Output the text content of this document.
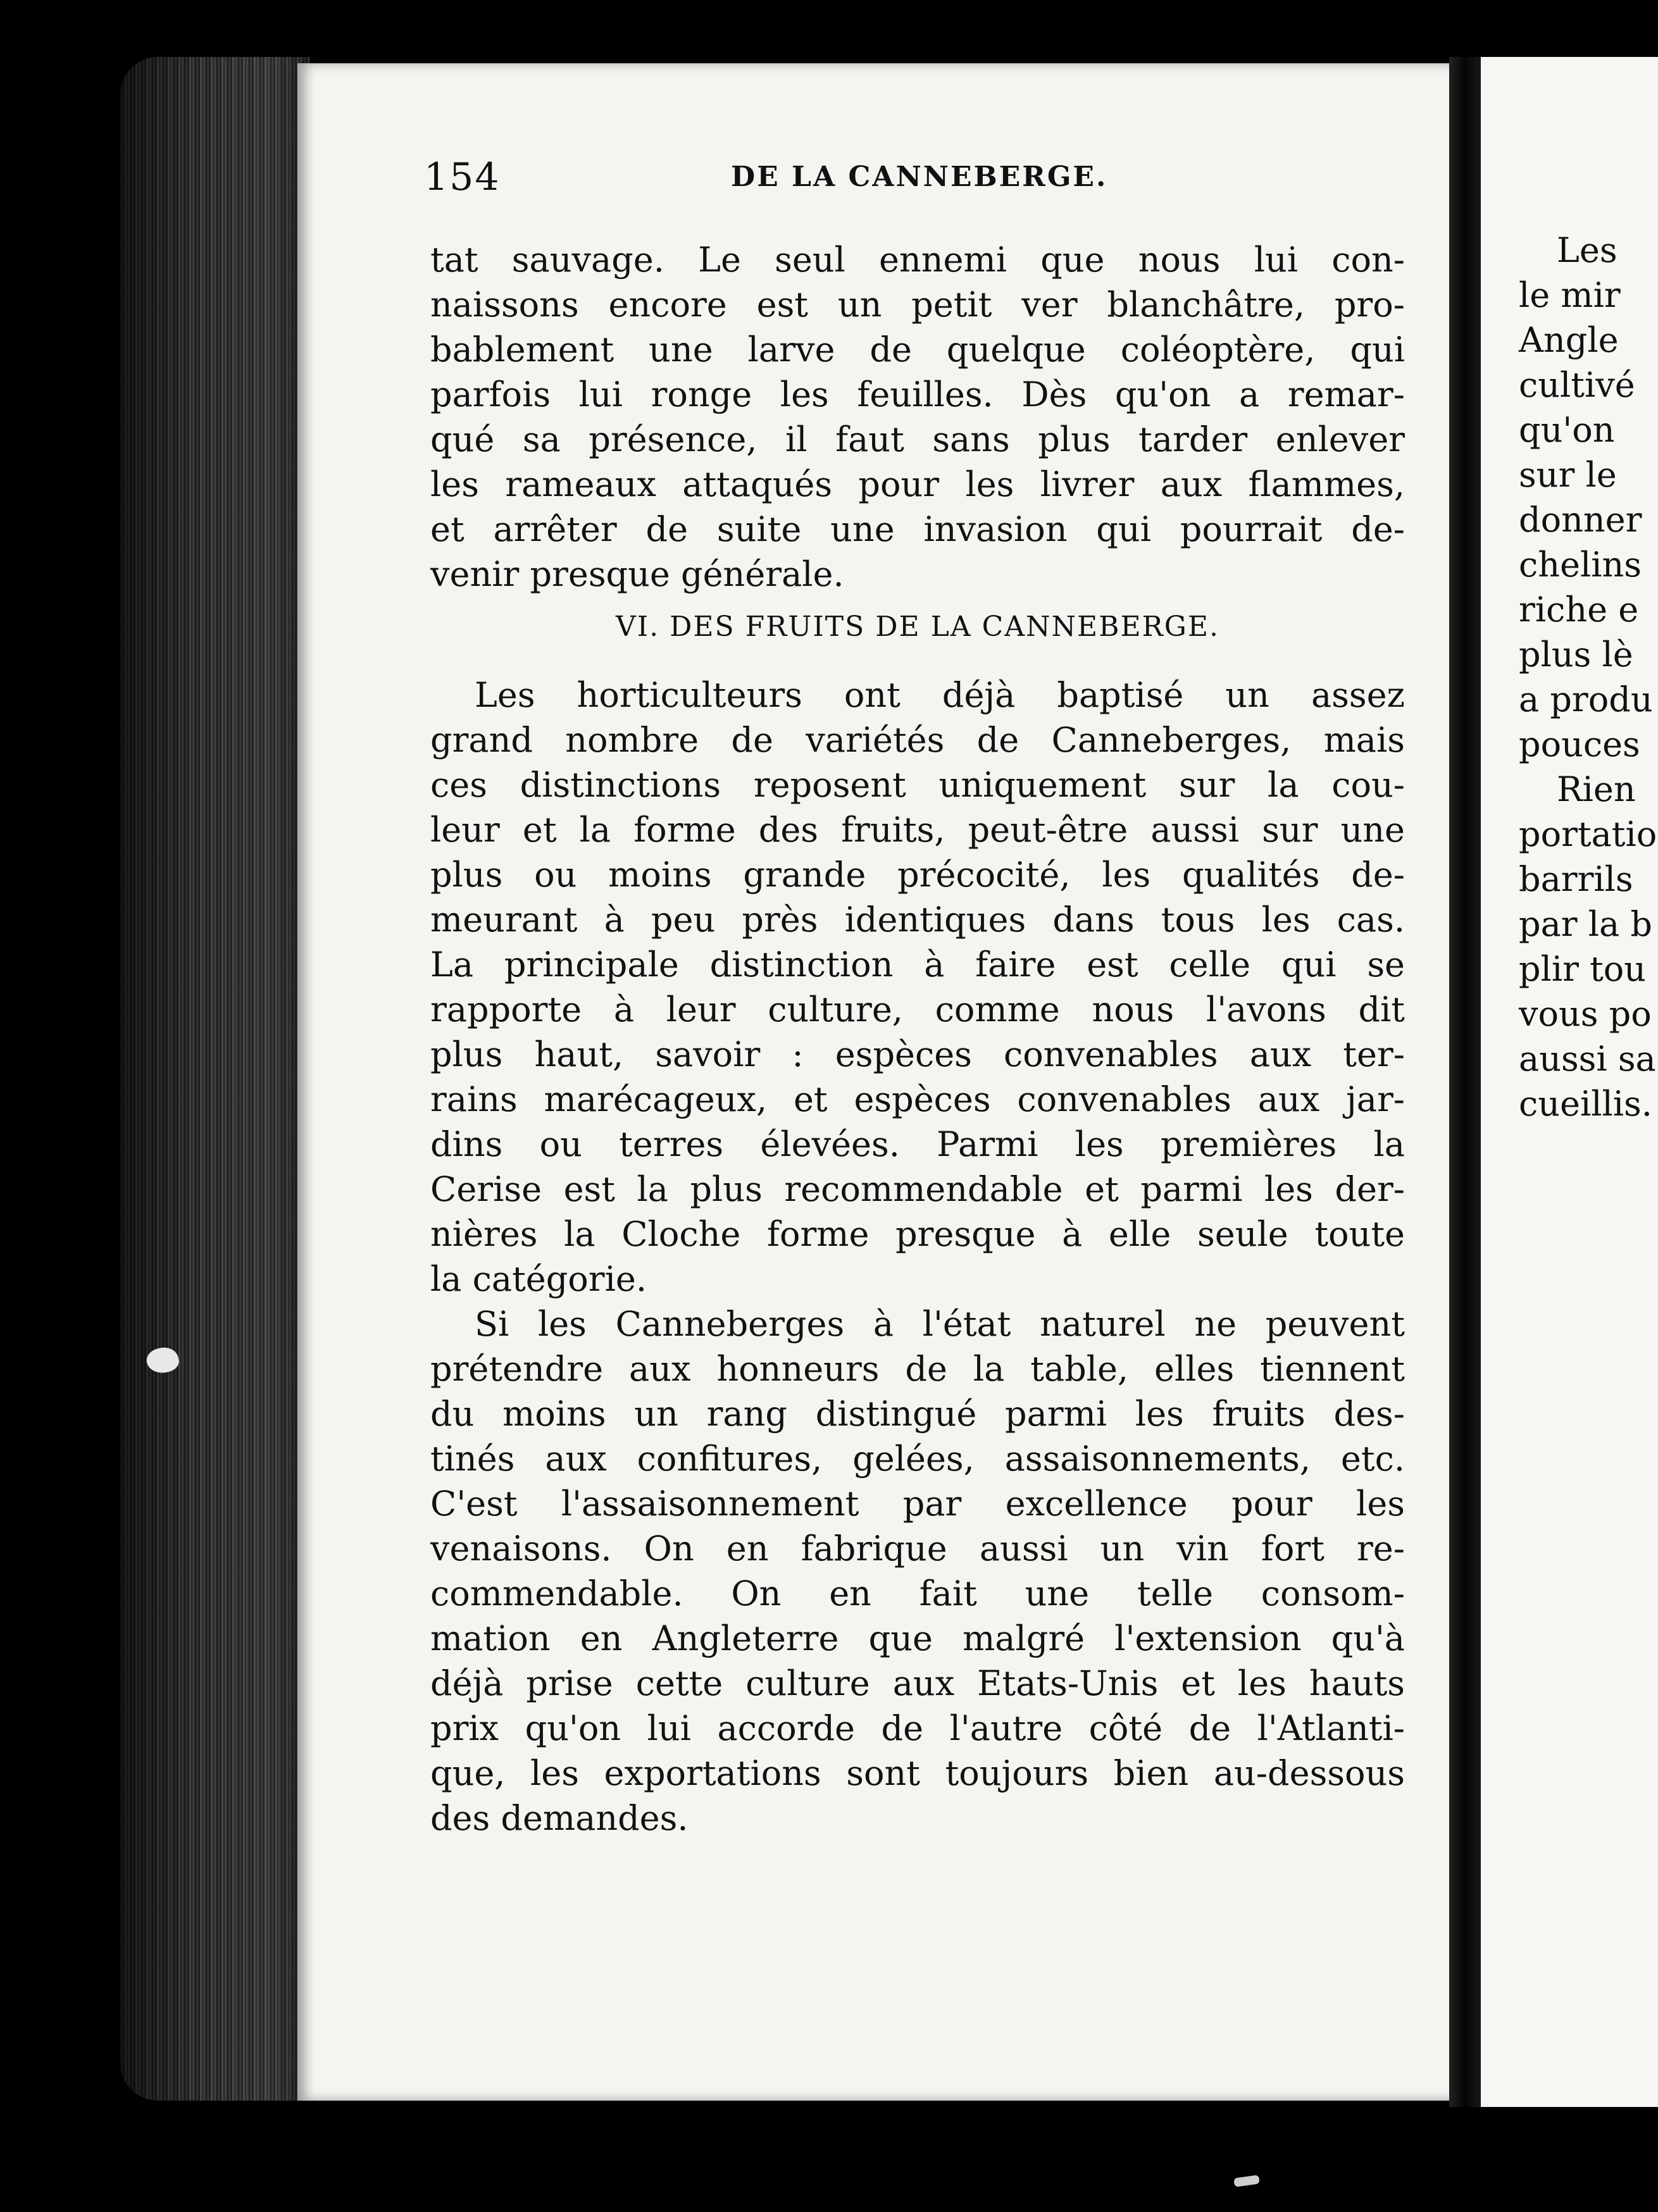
154	DE LA CANNEBERGE.
tat sauvage. Le seul ennemi que nous lui con-
naissons encore est un petit ver blanchâtre, pro-
bablement une larve de quelque coléoptère, qui
parfois lui ronge les feuilles. Dès qu'on a remar-
qué sa présence, il faut sans plus tarder enlever
les rameaux attaqués pour les livrer aux flammes,
et arrêter de suite une invasion qui pourrait de-
venir presque générale.
VI. DES FRUITS DE LA CANNEBERGE.
Les horticulteurs ont déjà baptisé un assez
grand nombre de variétés de Canneberges, mais
ces distinctions reposent uniquement sur la cou-
leur et la forme des fruits, peut-être aussi sur une
plus ou moins grande précocité, les qualités de-
meurant à peu près identiques dans tous les cas.
La principale distinction à faire est celle qui se
rapporte à leur culture, comme nous l'avons dit
plus haut, savoir : espèces convenables aux ter-
rains marécageux, et espèces convenables aux jar-
dins ou terres élevées. Parmi les premières la
Cerise est la plus recommendable et parmi les der-
nières la Cloche forme presque à elle seule toute
la catégorie.
Si les Canneberges à l'état naturel ne peuvent
prétendre aux honneurs de la table, elles tiennent
du moins un rang distingué parmi les fruits des-
tinés aux confitures, gelées, assaisonnements, etc.
C'est l'assaisonnement par excellence pour les
venaisons. On en fabrique aussi un vin fort re-
commendable. On en fait une telle consom-
mation en Angleterre que malgré l'extension qu'à
déjà prise cette culture aux Etats-Unis et les hauts
prix qu'on lui accorde de l'autre côté de l'Atlanti-
que, les exportations sont toujours bien au-dessous
des demandes.
Les
le mir
Angle
cultivé
qu'on
sur le
donner
chelins
riche e
plus lè
a produ
pouces
Rien
portatio
barrils
par la b
plir tou
vous po
aussi sa
cueillis.
